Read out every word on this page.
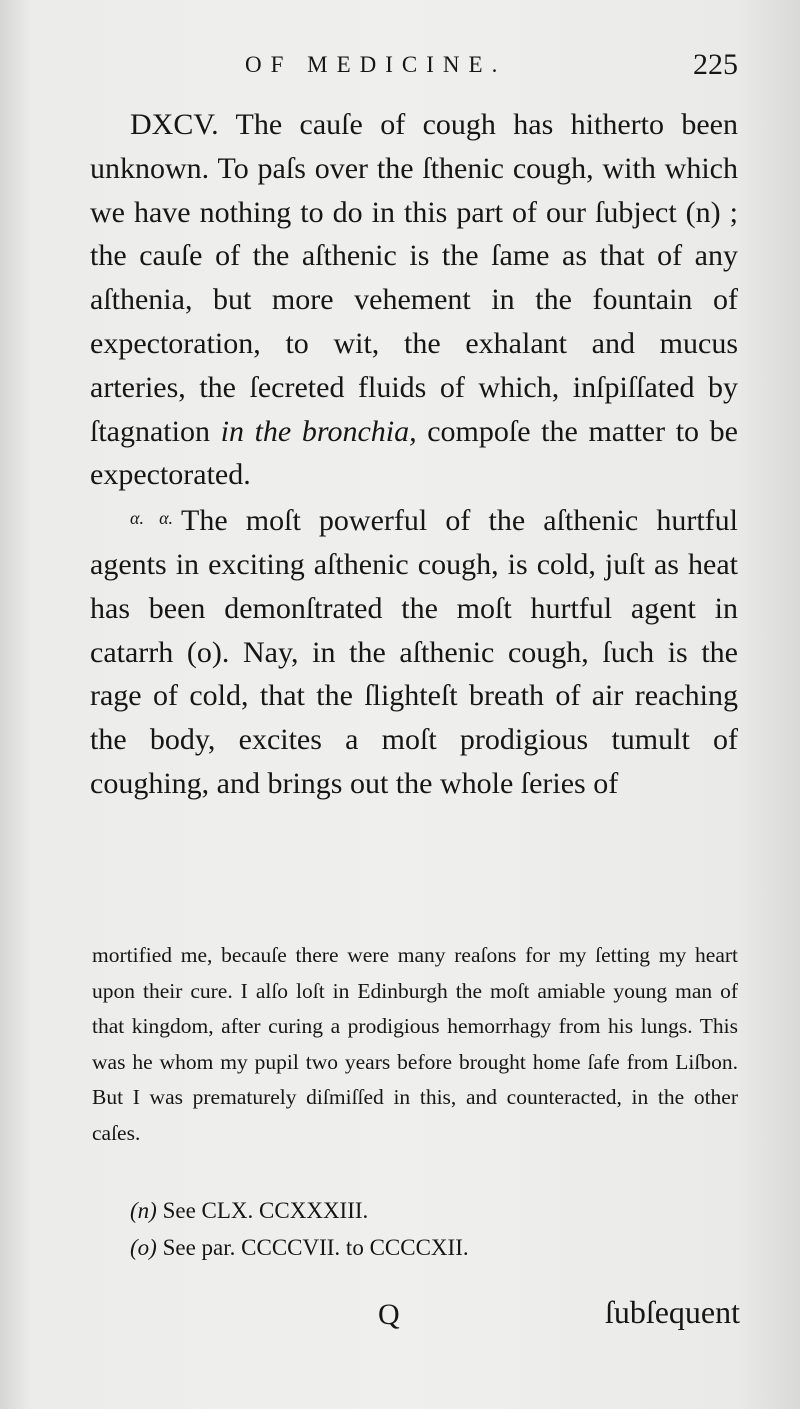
OF MEDICINE.	225

DXCV. The cauſe of cough has hitherto been unknown. To paſs over the ſthenic cough, with which we have nothing to do in this part of our ſubject (n) ; the cauſe of the aſthenic is the ſame as that of any aſthenia, but more vehement in the fountain of expectoration, to wit, the exhalant and mucus arteries, the ſecreted fluids of which, inſpiſſated by ſtagnation in the bronchia, compoſe the matter to be expectorated.
$^{\alpha. \alpha.}$ The moſt powerful of the aſthenic hurtful agents in exciting aſthenic cough, is cold, juſt as heat has been demonſtrated the moſt hurtful agent in catarrh (o). Nay, in the aſthenic cough, ſuch is the rage of cold, that the ſlighteſt breath of air reaching the body, excites a moſt prodigious tumult of coughing, and brings out the whole ſeries of

mortified me, becauſe there were many reaſons for my ſetting my heart upon their cure. I alſo loſt in Edinburgh the moſt amiable young man of that kingdom, after curing a prodigious hemorrhagy from his lungs. This was he whom my pupil two years before brought home ſafe from Liſbon. But I was prematurely diſmiſſed in this, and counteracted, in the other caſes.

(n) See CLX. CCXXXIII.
(o) See par. CCCCVII. to CCCCXII.
Q	ſubſequent
